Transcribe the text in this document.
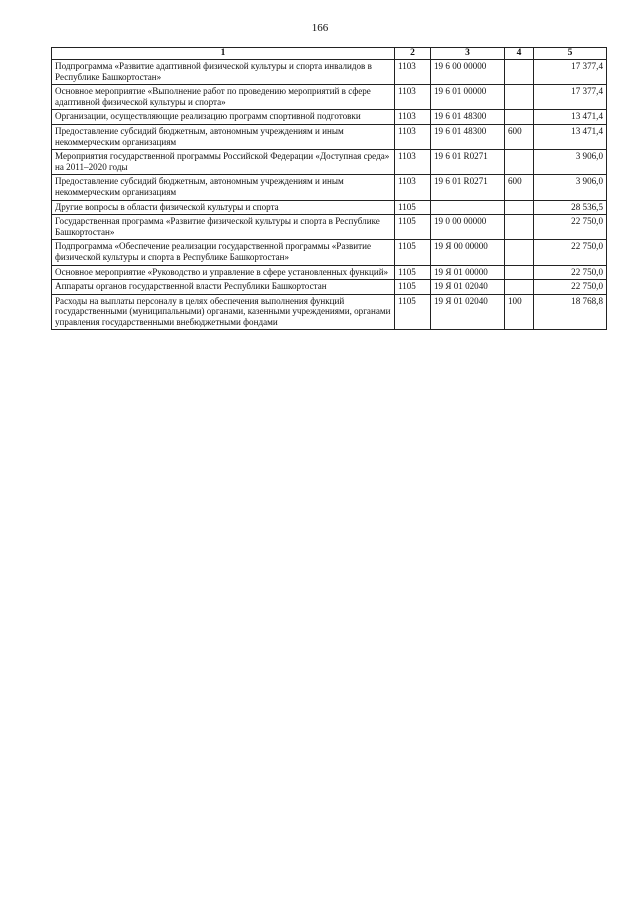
166
1	2	3	4	5
Подпрограмма «Развитие адаптивной физической культуры и спорта инвалидов в Республике Башкортостан»	1103	19 6 00 00000		17 377,4
Основное мероприятие «Выполнение работ по проведению мероприятий в сфере адаптивной физической культуры и спорта»	1103	19 6 01 00000		17 377,4
Организации, осуществляющие реализацию программ спортивной подготовки	1103	19 6 01 48300		13 471,4
Предоставление субсидий бюджетным, автономным учреждениям и иным некоммерческим организациям	1103	19 6 01 48300	600	13 471,4
Мероприятия государственной программы Российской Федерации «Доступная среда» на 2011–2020 годы	1103	19 6 01 R0271		3 906,0
Предоставление субсидий бюджетным, автономным учреждениям и иным некоммерческим организациям	1103	19 6 01 R0271	600	3 906,0
Другие вопросы в области физической культуры и спорта	1105			28 536,5
Государственная программа «Развитие физической культуры и спорта в Республике Башкортостан»	1105	19 0 00 00000		22 750,0
Подпрограмма «Обеспечение реализации государственной программы «Развитие физической культуры и спорта в Республике Башкортостан»	1105	19 Я 00 00000		22 750,0
Основное мероприятие «Руководство и управление в сфере установленных функций»	1105	19 Я 01 00000		22 750,0
Аппараты органов государственной власти Республики Башкортостан	1105	19 Я 01 02040		22 750,0
Расходы на выплаты персоналу в целях обеспечения выполнения функций государственными (муниципальными) органами, казенными учреждениями, органами управления государственными внебюджетными фондами	1105	19 Я 01 02040	100	18 768,8
